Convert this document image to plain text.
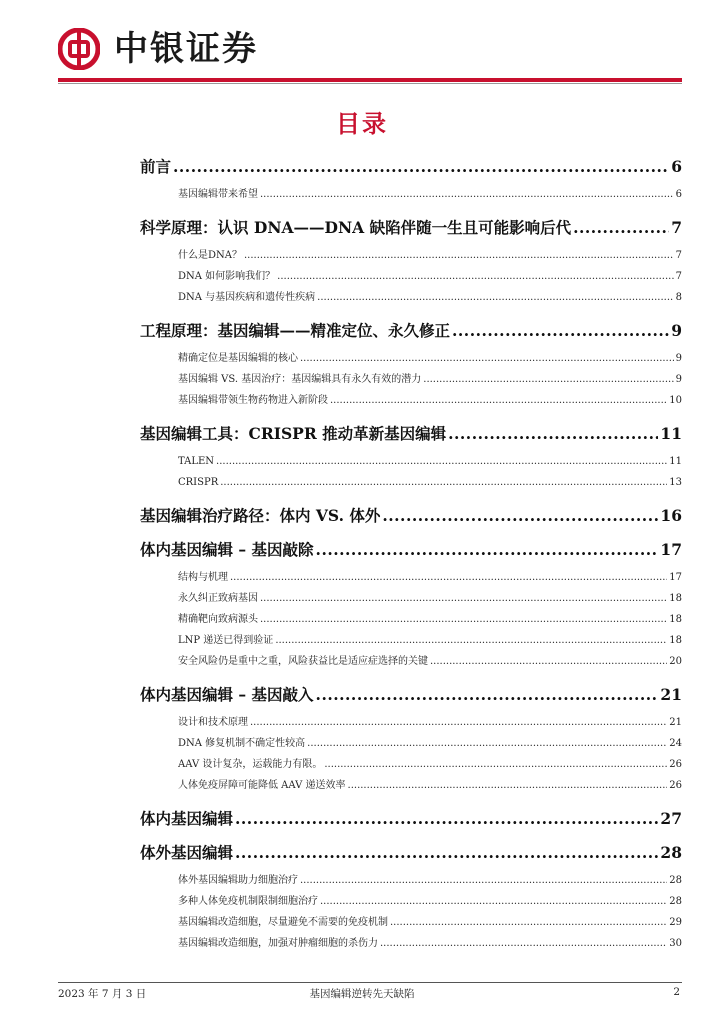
中银证券
目录
前言 .....	6
基因编辑带来希望 .....	6
科学原理：认识 DNA——DNA 缺陷伴随一生且可能影响后代 .....	7
什么是DNA？ .....	7
DNA 如何影响我们？ .....	7
DNA 与基因疾病和遗传性疾病 .....	8
工程原理：基因编辑——精准定位、永久修正 .....	9
精确定位是基因编辑的核心 .....	9
基因编辑 VS. 基因治疗：基因编辑具有永久有效的潜力 .....	9
基因编辑带领生物药物进入新阶段 .....	10
基因编辑工具：CRISPR 推动革新基因编辑 .....	11
TALEN .....	11
CRISPR .....	13
基因编辑治疗路径：体内 VS. 体外 .....	16
体内基因编辑 – 基因敲除 .....	17
结构与机理 .....	17
永久纠正致病基因 .....	18
精确靶向致病源头 .....	18
LNP 递送已得到验证 .....	18
安全风险仍是重中之重，风险获益比是适应症选择的关键 .....	20
体内基因编辑 – 基因敲入 .....	21
设计和技术原理 .....	21
DNA 修复机制不确定性较高 .....	24
AAV 设计复杂，运载能力有限。 .....	26
人体免疫屏障可能降低 AAV 递送效率 .....	26
体内基因编辑 .....	27
体外基因编辑 .....	28
体外基因编辑助力细胞治疗 .....	28
多种人体免疫机制限制细胞治疗 .....	28
基因编辑改造细胞，尽量避免不需要的免疫机制 .....	29
基因编辑改造细胞，加强对肿瘤细胞的杀伤力 .....	30
2023 年 7 月 3 日	基因编辑逆转先天缺陷	2
